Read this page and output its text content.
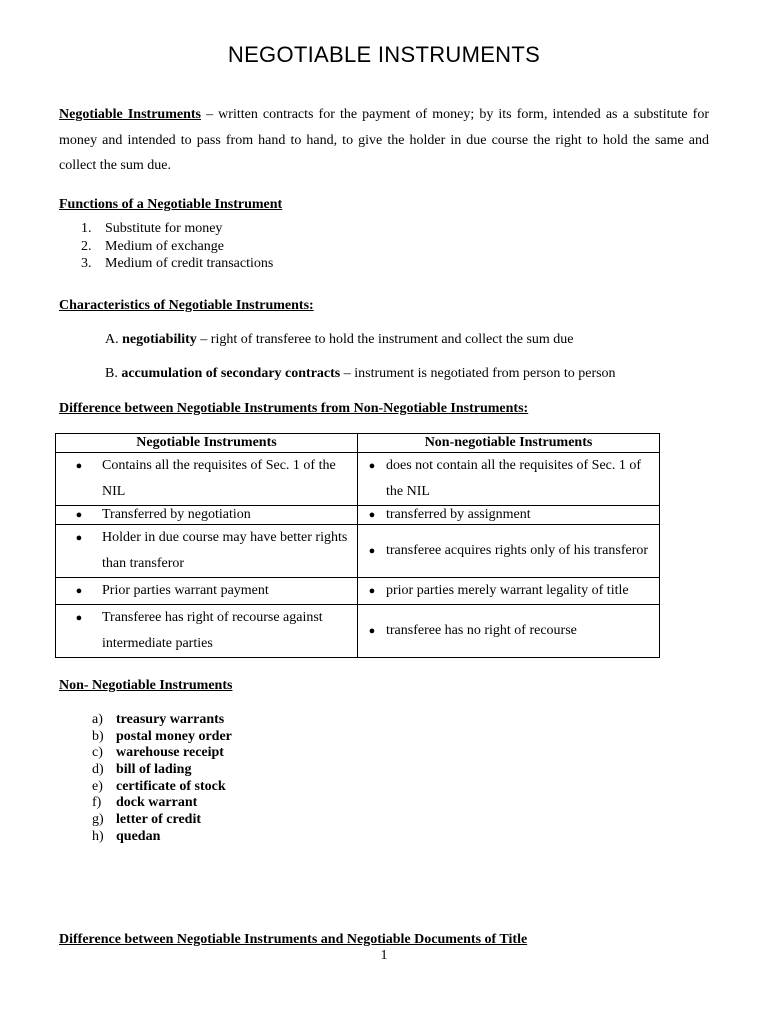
NEGOTIABLE INSTRUMENTS

Negotiable Instruments – written contracts for the payment of money; by its form, intended as a substitute for money and intended to pass from hand to hand, to give the holder in due course the right to hold the same and collect the sum due.

Functions of a Negotiable Instrument

1. Substitute for money
2. Medium of exchange
3. Medium of credit transactions

Characteristics of Negotiable Instruments:

A. negotiability – right of transferee to hold the instrument and collect the sum due

B. accumulation of secondary contracts – instrument is negotiated from person to person

Difference between Negotiable Instruments from Non-Negotiable Instruments:

Negotiable Instruments	Non-negotiable Instruments

● Contains all the requisites of Sec. 1 of the NIL	● does not contain all the requisites of Sec. 1 of the NIL

● Transferred by negotiation	● transferred by assignment

● Holder in due course may have better rights than transferor	● transferee acquires rights only of his transferor

● Prior parties warrant payment	● prior parties merely warrant legality of title

● Transferee has right of recourse against intermediate parties	● transferee has no right of recourse

Non- Negotiable Instruments

a) treasury warrants
b) postal money order
c) warehouse receipt
d) bill of lading
e) certificate of stock
f) dock warrant
g) letter of credit
h) quedan

Difference between Negotiable Instruments and Negotiable Documents of Title

1
